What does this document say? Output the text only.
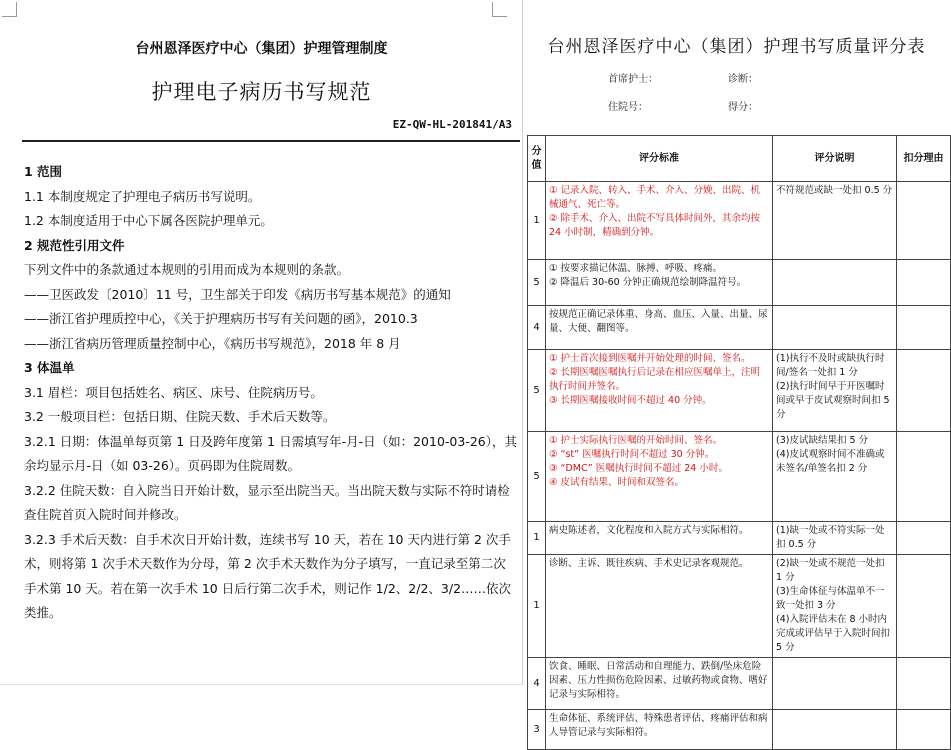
台州恩泽医疗中心（集团）护理管理制度
护理电子病历书写规范
EZ-QW-HL-201841/A3
1 范围
1.1 本制度规定了护理电子病历书写说明。
1.2 本制度适用于中心下属各医院护理单元。
2 规范性引用文件
下列文件中的条款通过本规则的引用而成为本规则的条款。
——卫医政发〔2010〕11 号，卫生部关于印发《病历书写基本规范》的通知
——浙江省护理质控中心，《关于护理病历书写有关问题的函》，2010.3
——浙江省病历管理质量控制中心，《病历书写规范》，2018 年 8 月
3 体温单
3.1 眉栏：项目包括姓名、病区、床号、住院病历号。
3.2 一般项目栏：包括日期、住院天数、手术后天数等。
3.2.1 日期：体温单每页第 1 日及跨年度第 1 日需填写年-月-日（如：2010-03-26），其余均显示月-日（如 03-26）。页码即为住院周数。
3.2.2 住院天数：自入院当日开始计数，显示至出院当天。当出院天数与实际不符时请检查住院首页入院时间并修改。
3.2.3 手术后天数：自手术次日开始计数，连续书写 10 天，若在 10 天内进行第 2 次手术，则将第 1 次手术天数作为分母，第 2 次手术天数作为分子填写，一直记录至第二次手术第 10 天。若在第一次手术 10 日后行第二次手术，则记作 1/2、2/2、3/2……依次类推。
台州恩泽医疗中心（集团）护理书写质量评分表
首席护士：	诊断：
住院号：	得分：
分值	评分标准	评分说明	扣分理由
1	① 记录入院、转入、手术、介入、分娩、出院、机械通气、死亡等。
② 除手术、介入、出院不写具体时间外，其余均按 24 小时制，精确到分钟。	不符规范或缺一处扣 0.5 分	
5	① 按要求描记体温、脉搏、呼吸、疼痛。
② 降温后 30-60 分钟正确规范绘制降温符号。		
4	按规范正确记录体重、身高、血压、入量、出量、尿量、大便、翻图等。		
5	① 护士首次接到医嘱并开始处理的时间、签名。
② 长期医嘱医嘱执行后记录在相应医嘱单上，注明执行时间并签名。
③ 长期医嘱接收时间不超过 40 分钟。	(1)执行不及时或缺执行时间/签名一处扣 1 分
(2)执行时间早于开医嘱时间或早于皮试观察时间扣 5 分	
5	① 护士实际执行医嘱的开始时间、签名。
② “st” 医嘱执行时间不超过 30 分钟。
③ “DMC” 医嘱执行时间不超过 24 小时。
④ 皮试有结果、时间和双签名。	(3)皮试缺结果扣 5 分
(4)皮试观察时间不准确或未签名/单签名扣 2 分	
1	病史陈述者，文化程度和入院方式与实际相符。	(1)缺一处或不符实际一处扣 0.5 分	
1	诊断、主诉、既往疾病、手术史记录客观规范。	(2)缺一处或不规范一处扣 1 分
(3)生命体征与体温单不一致一处扣 3 分
(4)入院评估未在 8 小时内完成或评估早于入院时间扣 5 分	
4	饮食、睡眠、日常活动和自理能力、跌倒/坠床危险因素、压力性损伤危险因素、过敏药物或食物、嗜好记录与实际相符。		
3	生命体征、系统评估、特殊患者评估、疼痛评估和病人导管记录与实际相符。		
